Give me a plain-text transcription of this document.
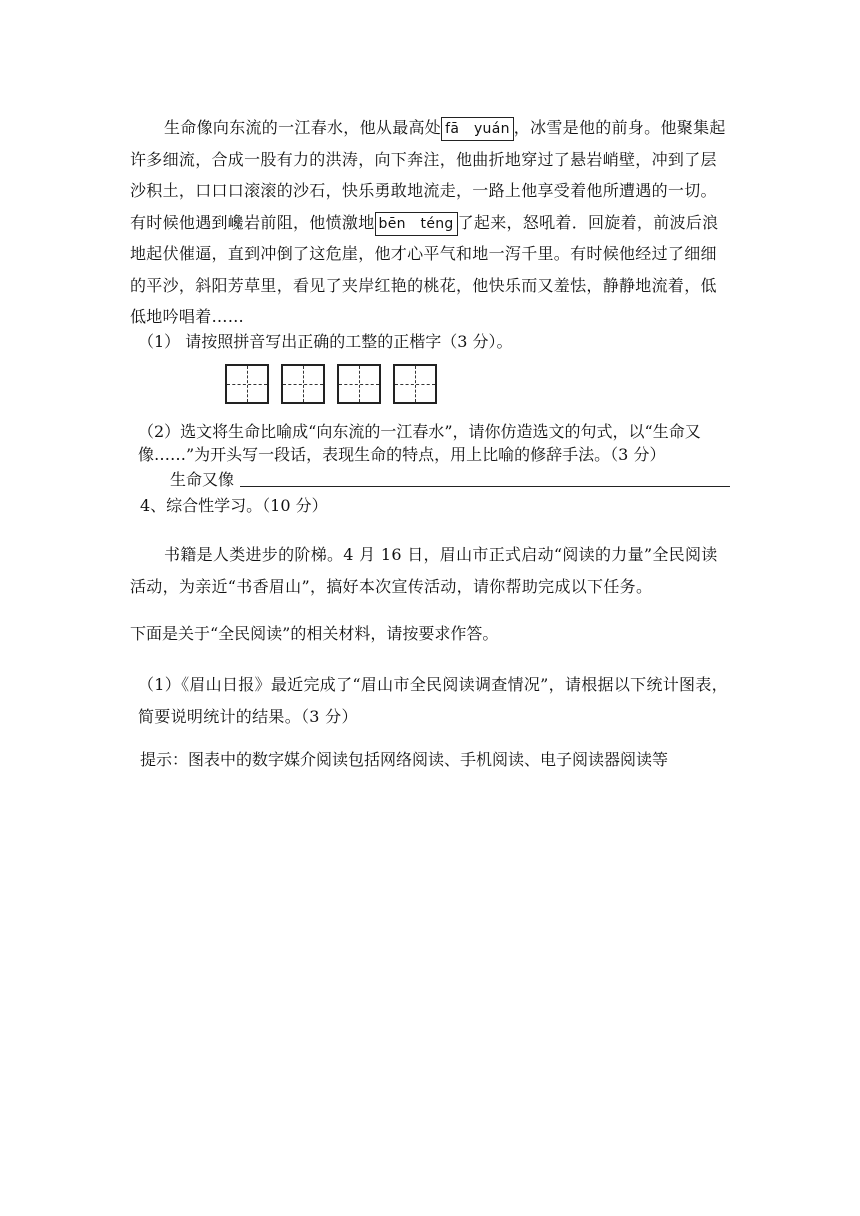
生命像向东流的一江春水，他从最高处 fā yuán ，冰雪是他的前身。他聚集起许多细流，合成一股有力的洪涛，向下奔注，他曲折地穿过了悬岩峭壁，冲到了层沙积土，口口口滚滚的沙石，快乐勇敢地流走，一路上他享受着他所遭遇的一切。有时候他遇到巉岩前阻，他愤激地 bēn téng 了起来，怒吼着．回旋着，前波后浪地起伏催逼，直到冲倒了这危崖，他才心平气和地一泻千里。有时候他经过了细细的平沙，斜阳芳草里，看见了夹岸红艳的桃花，他快乐而又羞怯，静静地流着，低低地吟唱着……
（1） 请按照拼音写出正确的工整的正楷字（3 分）。
（2）选文将生命比喻成“向东流的一江春水”，请你仿造选文的句式，以“生命又
像……”为开头写一段话，表现生命的特点，用上比喻的修辞手法。（3 分）
生命又像
4、综合性学习。（10 分）
书籍是人类进步的阶梯。4 月 16 日，眉山市正式启动“阅读的力量”全民阅读活动，为亲近“书香眉山”，搞好本次宣传活动，请你帮助完成以下任务。
下面是关于“全民阅读”的相关材料，请按要求作答。
（1）《眉山日报》最近完成了“眉山市全民阅读调查情况”，请根据以下统计图表，简要说明统计的结果。（3 分）
提示：图表中的数字媒介阅读包括网络阅读、手机阅读、电子阅读器阅读等
